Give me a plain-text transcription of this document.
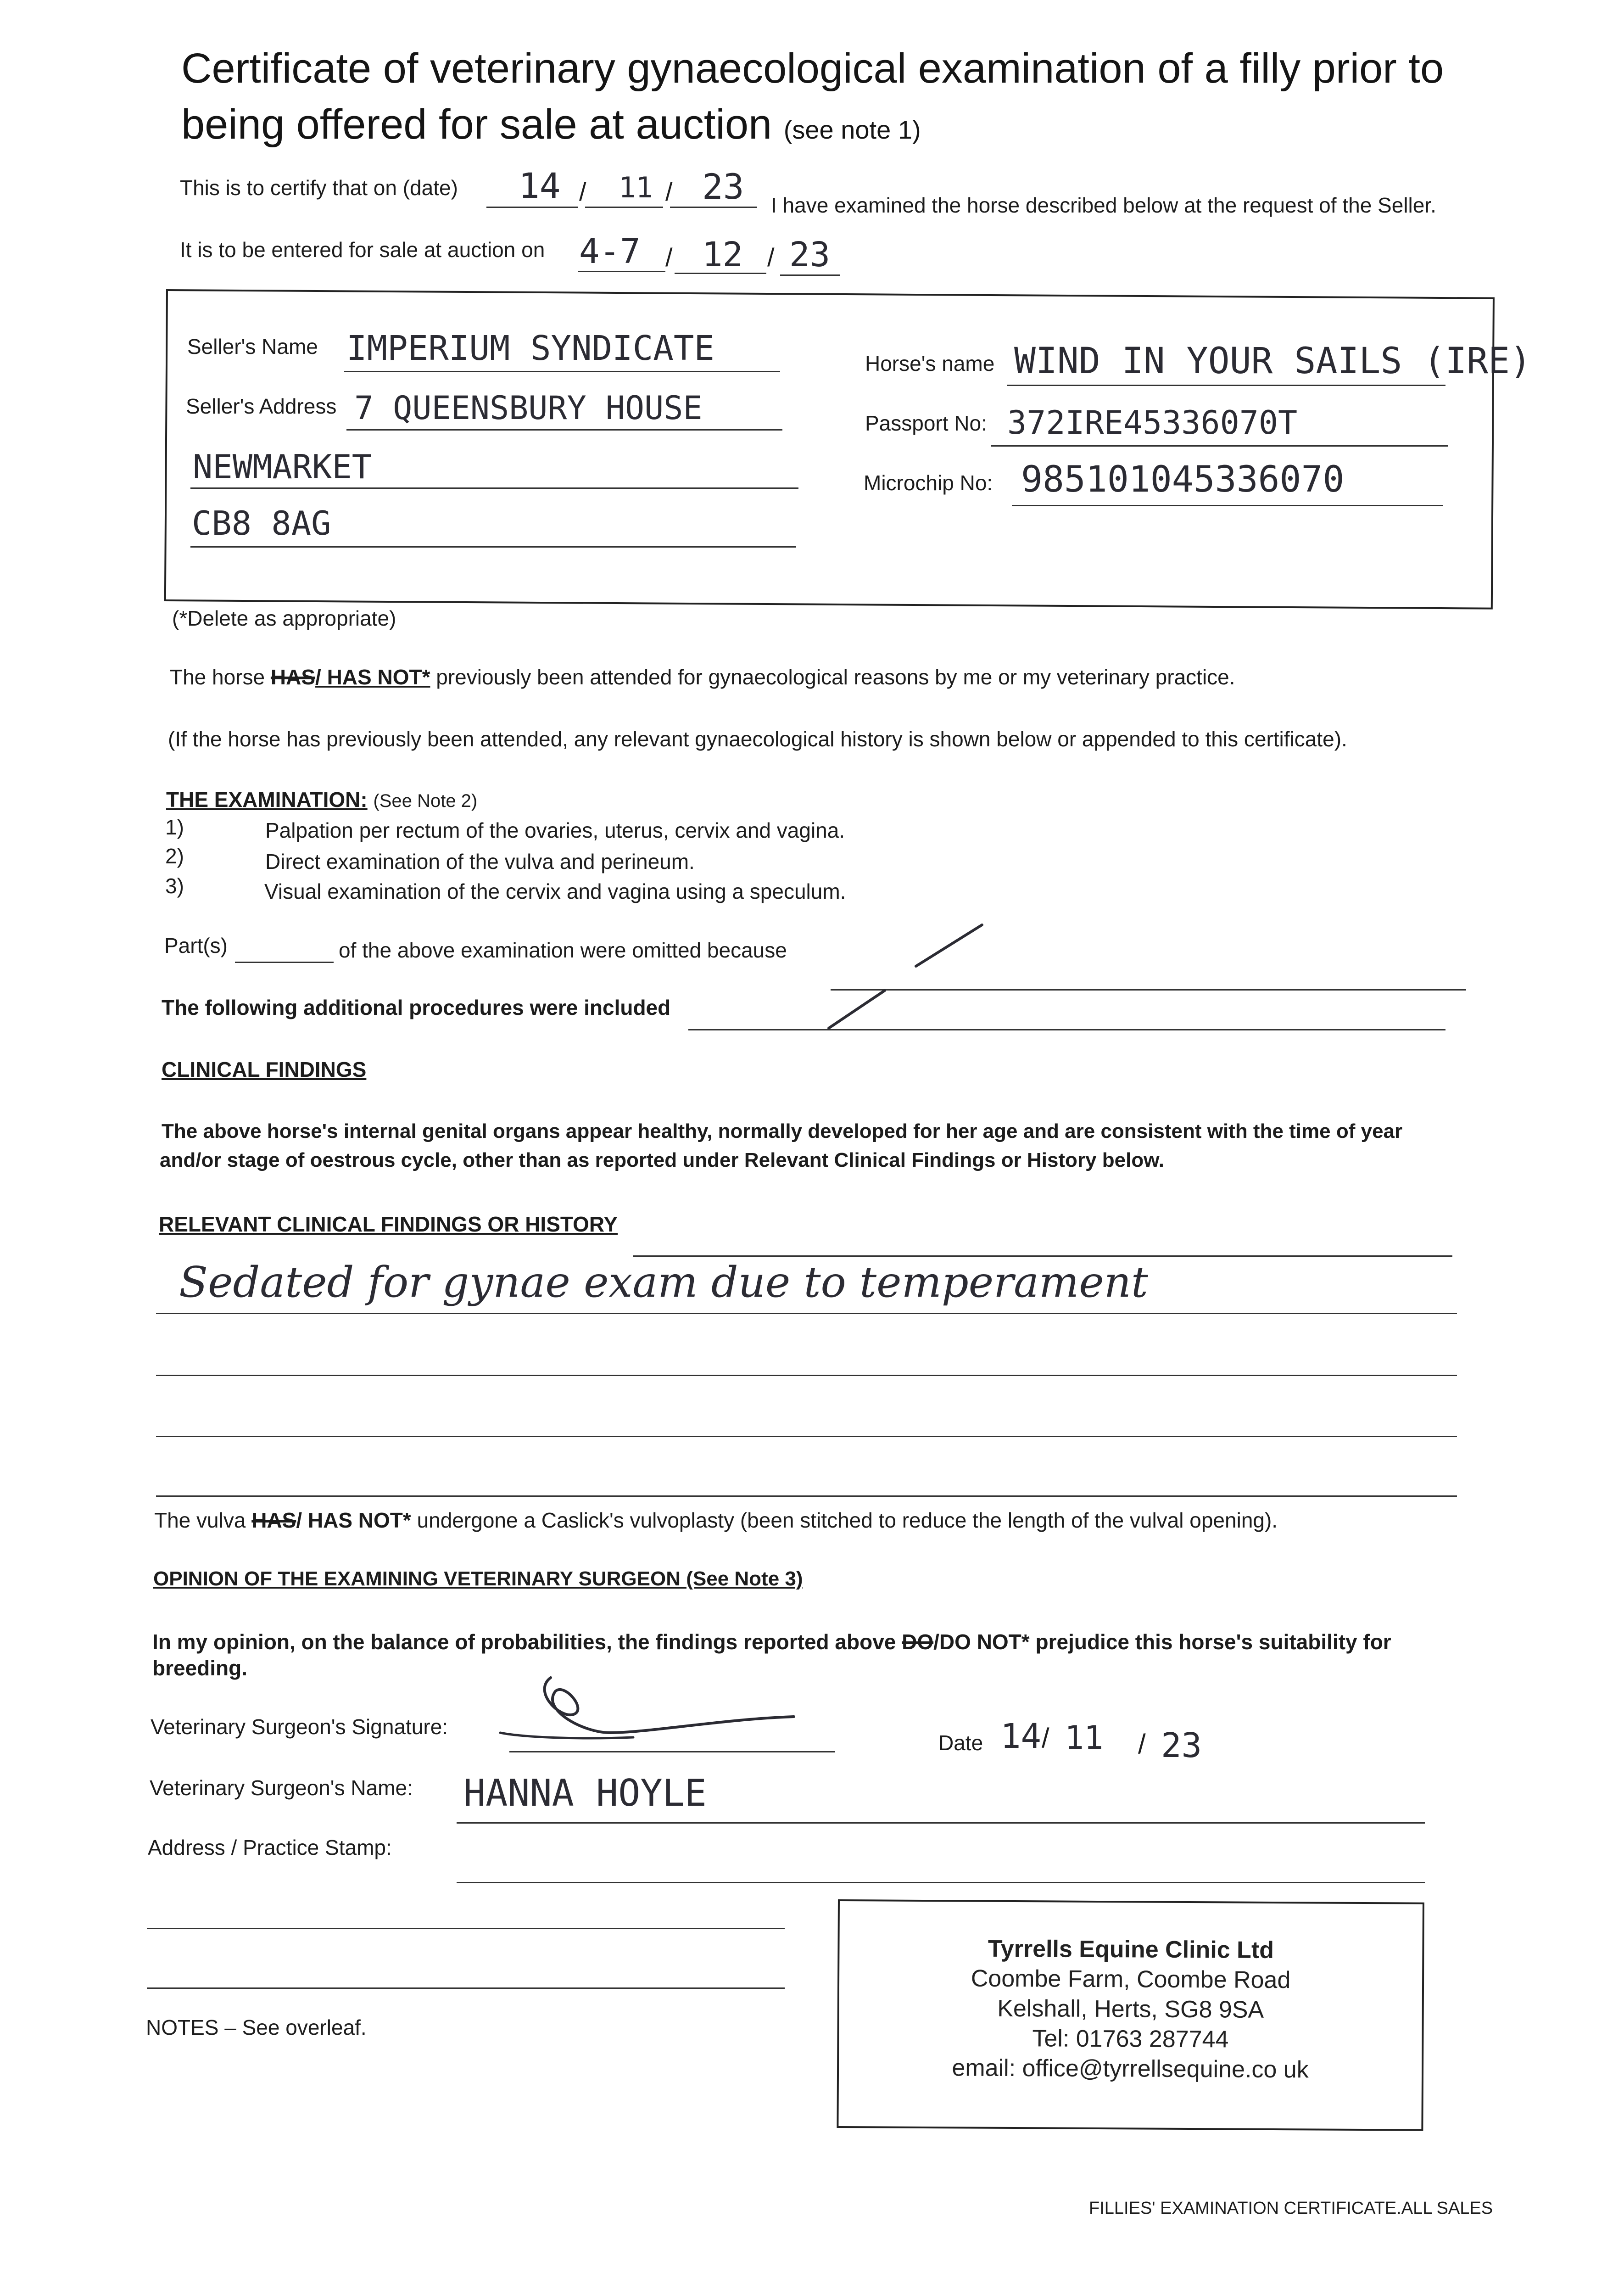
Certificate of veterinary gynaecological examination of a filly prior to
being offered for sale at auction (see note 1)
This is to certify that on (date) 14 / 11 / 23 I have examined the horse described below at the request of the Seller.
It is to be entered for sale at auction on 4-7 / 12 / 23
Seller's Name IMPERIUM SYNDICATE
Seller's Address 7 QUEENSBURY HOUSE
NEWMARKET
CB8 8AG
Horse's name WIND IN YOUR SAILS (IRE)
Passport No: 372IRE45336070T
Microchip No: 985101045336070
(*Delete as appropriate)
The horse HAS/ HAS NOT* previously been attended for gynaecological reasons by me or my veterinary practice.
(If the horse has previously been attended, any relevant gynaecological history is shown below or appended to this certificate).
THE EXAMINATION: (See Note 2)
1)	Palpation per rectum of the ovaries, uterus, cervix and vagina.
2)	Direct examination of the vulva and perineum.
3)	Visual examination of the cervix and vagina using a speculum.
Part(s)	of the above examination were omitted because
The following additional procedures were included
CLINICAL FINDINGS
The above horse's internal genital organs appear healthy, normally developed for her age and are consistent with the time of year
and/or stage of oestrous cycle, other than as reported under Relevant Clinical Findings or History below.
RELEVANT CLINICAL FINDINGS OR HISTORY
Sedated for gynae exam due to temperament
The vulva HAS/ HAS NOT* undergone a Caslick's vulvoplasty (been stitched to reduce the length of the vulval opening).
OPINION OF THE EXAMINING VETERINARY SURGEON (See Note 3)
In my opinion, on the balance of probabilities, the findings reported above DO/DO NOT* prejudice this horse's suitability for
breeding.
Veterinary Surgeon's Signature:
Date 14 / 11 / 23
Veterinary Surgeon's Name: HANNA HOYLE
Address / Practice Stamp:
NOTES – See overleaf.
Tyrrells Equine Clinic Ltd
Coombe Farm, Coombe Road
Kelshall, Herts, SG8 9SA
Tel: 01763 287744
email: office@tyrrellsequine.co uk
FILLIES' EXAMINATION CERTIFICATE.ALL SALES
